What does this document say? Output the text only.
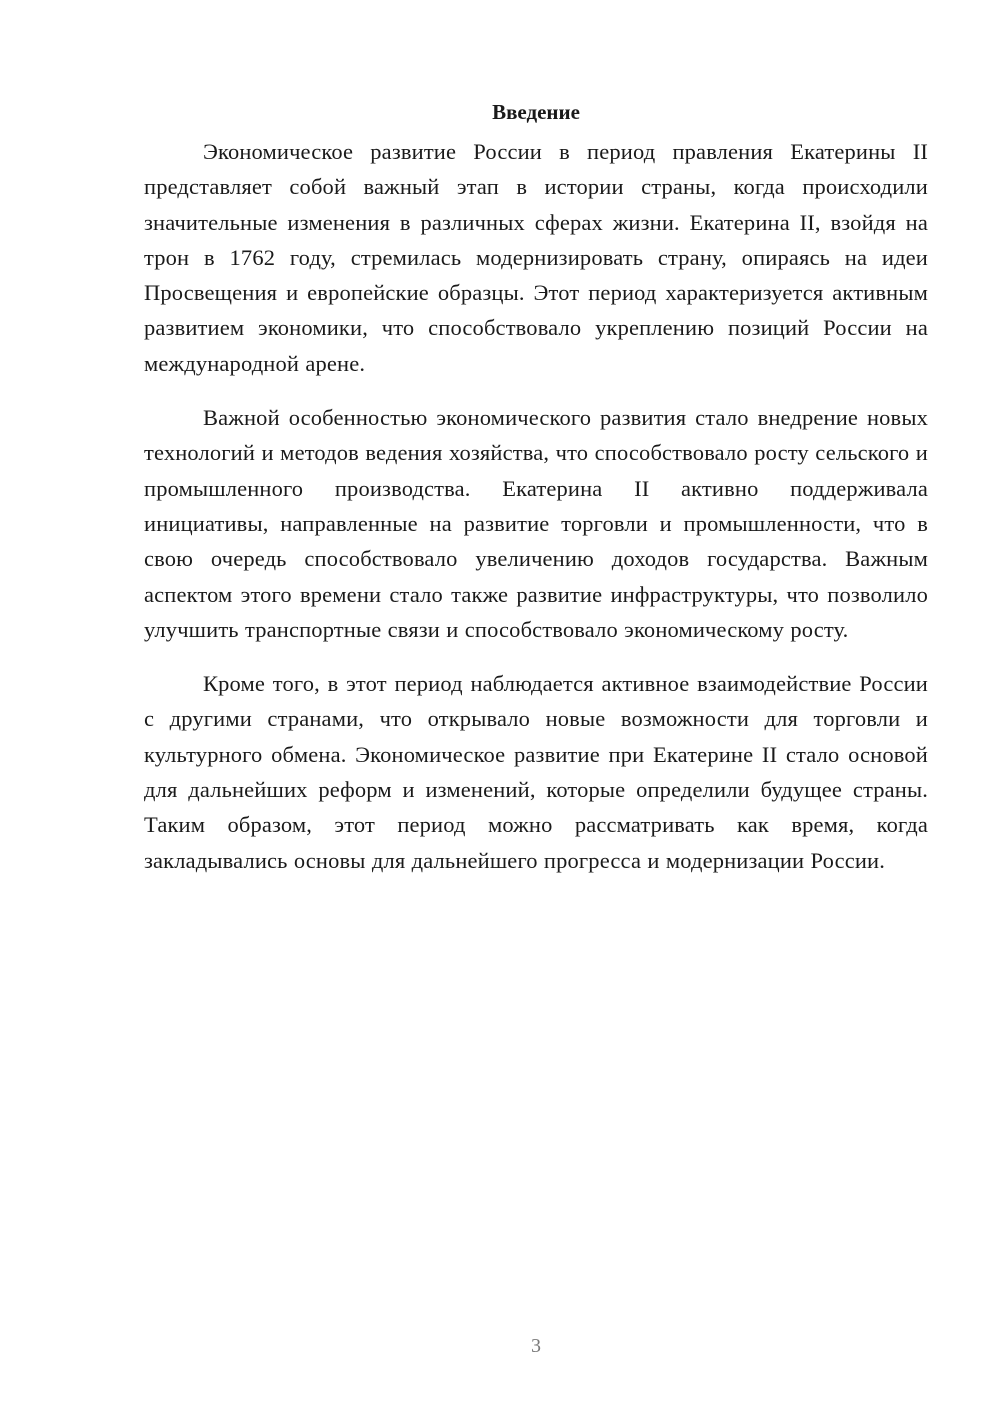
Введение

Экономическое развитие России в период правления Екатерины II представляет собой важный этап в истории страны, когда происходили значительные изменения в различных сферах жизни. Екатерина II, взойдя на трон в 1762 году, стремилась модернизировать страну, опираясь на идеи Просвещения и европейские образцы. Этот период характеризуется активным развитием экономики, что способствовало укреплению позиций России на международной арене.

Важной особенностью экономического развития стало внедрение новых технологий и методов ведения хозяйства, что способствовало росту сельского и промышленного производства. Екатерина II активно поддерживала инициативы, направленные на развитие торговли и промышленности, что в свою очередь способствовало увеличению доходов государства. Важным аспектом этого времени стало также развитие инфраструктуры, что позволило улучшить транспортные связи и способствовало экономическому росту.

Кроме того, в этот период наблюдается активное взаимодействие России с другими странами, что открывало новые возможности для торговли и культурного обмена. Экономическое развитие при Екатерине II стало основой для дальнейших реформ и изменений, которые определили будущее страны. Таким образом, этот период можно рассматривать как время, когда закладывались основы для дальнейшего прогресса и модернизации России.

3
